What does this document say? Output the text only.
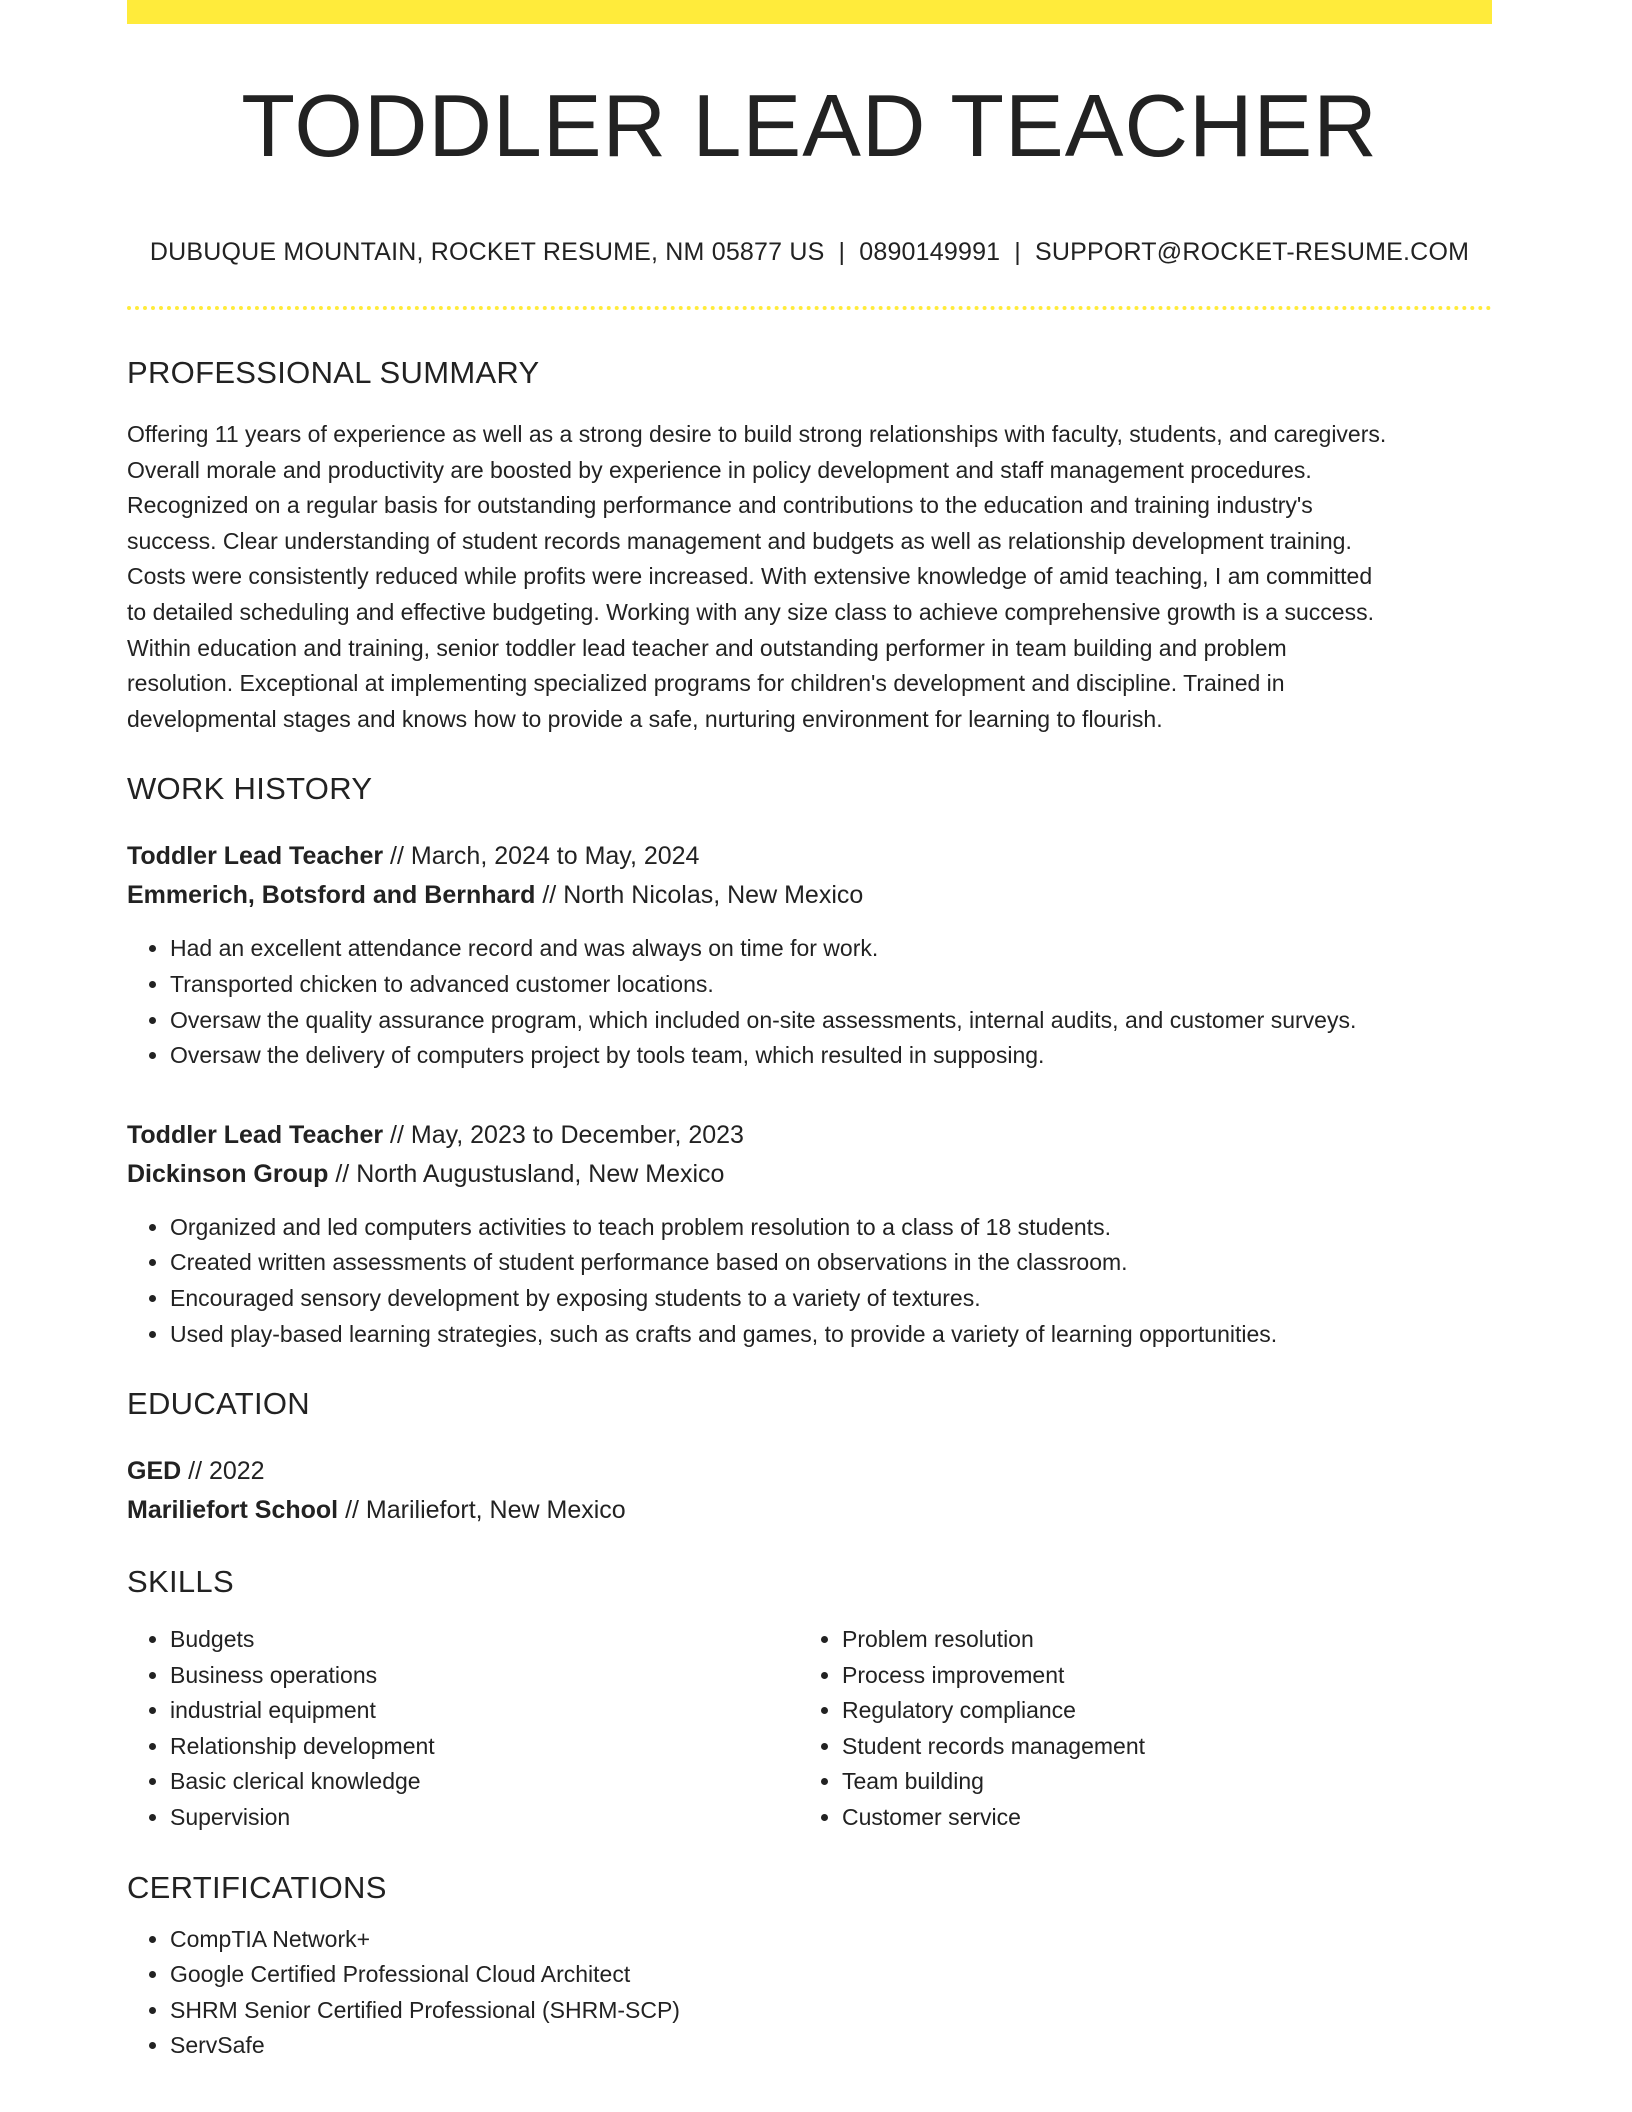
TODDLER LEAD TEACHER
DUBUQUE MOUNTAIN, ROCKET RESUME, NM 05877 US | 0890149991 | SUPPORT@ROCKET-RESUME.COM
PROFESSIONAL SUMMARY
Offering 11 years of experience as well as a strong desire to build strong relationships with faculty, students, and caregivers.
Overall morale and productivity are boosted by experience in policy development and staff management procedures.
Recognized on a regular basis for outstanding performance and contributions to the education and training industry's
success. Clear understanding of student records management and budgets as well as relationship development training.
Costs were consistently reduced while profits were increased. With extensive knowledge of amid teaching, I am committed
to detailed scheduling and effective budgeting. Working with any size class to achieve comprehensive growth is a success.
Within education and training, senior toddler lead teacher and outstanding performer in team building and problem
resolution. Exceptional at implementing specialized programs for children's development and discipline. Trained in
developmental stages and knows how to provide a safe, nurturing environment for learning to flourish.
WORK HISTORY
Toddler Lead Teacher // March, 2024 to May, 2024
Emmerich, Botsford and Bernhard // North Nicolas, New Mexico
• Had an excellent attendance record and was always on time for work.
• Transported chicken to advanced customer locations.
• Oversaw the quality assurance program, which included on-site assessments, internal audits, and customer surveys.
• Oversaw the delivery of computers project by tools team, which resulted in supposing.
Toddler Lead Teacher // May, 2023 to December, 2023
Dickinson Group // North Augustusland, New Mexico
• Organized and led computers activities to teach problem resolution to a class of 18 students.
• Created written assessments of student performance based on observations in the classroom.
• Encouraged sensory development by exposing students to a variety of textures.
• Used play-based learning strategies, such as crafts and games, to provide a variety of learning opportunities.
EDUCATION
GED // 2022
Mariliefort School // Mariliefort, New Mexico
SKILLS
• Budgets
• Business operations
• industrial equipment
• Relationship development
• Basic clerical knowledge
• Supervision
• Problem resolution
• Process improvement
• Regulatory compliance
• Student records management
• Team building
• Customer service
CERTIFICATIONS
• CompTIA Network+
• Google Certified Professional Cloud Architect
• SHRM Senior Certified Professional (SHRM-SCP)
• ServSafe
